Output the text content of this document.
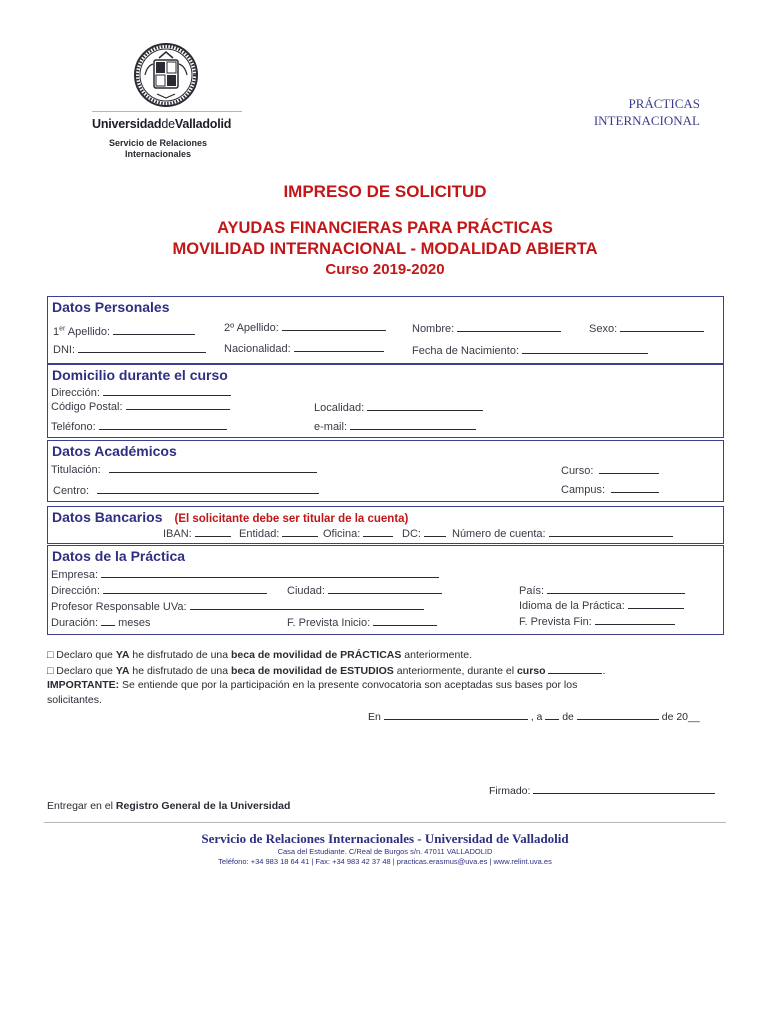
UniversidaddeValladolid
Servicio de Relaciones
Internacionales
PRÁCTICAS
INTERNACIONAL
IMPRESO DE SOLICITUD
AYUDAS FINANCIERAS PARA PRÁCTICAS
MOVILIDAD INTERNACIONAL - MODALIDAD ABIERTA
Curso 2019-2020
Datos Personales
1er Apellido:	2º Apellido:	Nombre:	Sexo:
DNI:	Nacionalidad:	Fecha de Nacimiento:
Domicilio durante el curso
Dirección:
Código Postal:	Localidad:
Teléfono:	e-mail:
Datos Académicos
Titulación:	Curso:
Centro:	Campus:
Datos Bancarios (El solicitante debe ser titular de la cuenta)
IBAN:	Entidad:	Oficina:	DC:	Número de cuenta:
Datos de la Práctica
Empresa:
Dirección:	Ciudad:	País:
Profesor Responsable UVa:	Idioma de la Práctica:
Duración: meses	F. Prevista Inicio:	F. Prevista Fin:
□ Declaro que YA he disfrutado de una beca de movilidad de PRÁCTICAS anteriormente.
□ Declaro que YA he disfrutado de una beca de movilidad de ESTUDIOS anteriormente, durante el curso	.
IMPORTANTE: Se entiende que por la participación en la presente convocatoria son aceptadas sus bases por los
solicitantes.
En	, a de	de 20__
Firmado:
Entregar en el Registro General de la Universidad
Servicio de Relaciones Internacionales - Universidad de Valladolid
Casa del Estudiante. C/Real de Burgos s/n. 47011 VALLADOLID
Teléfono: +34 983 18 64 41 | Fax: +34 983 42 37 48 | practicas.erasmus@uva.es | www.relint.uva.es
